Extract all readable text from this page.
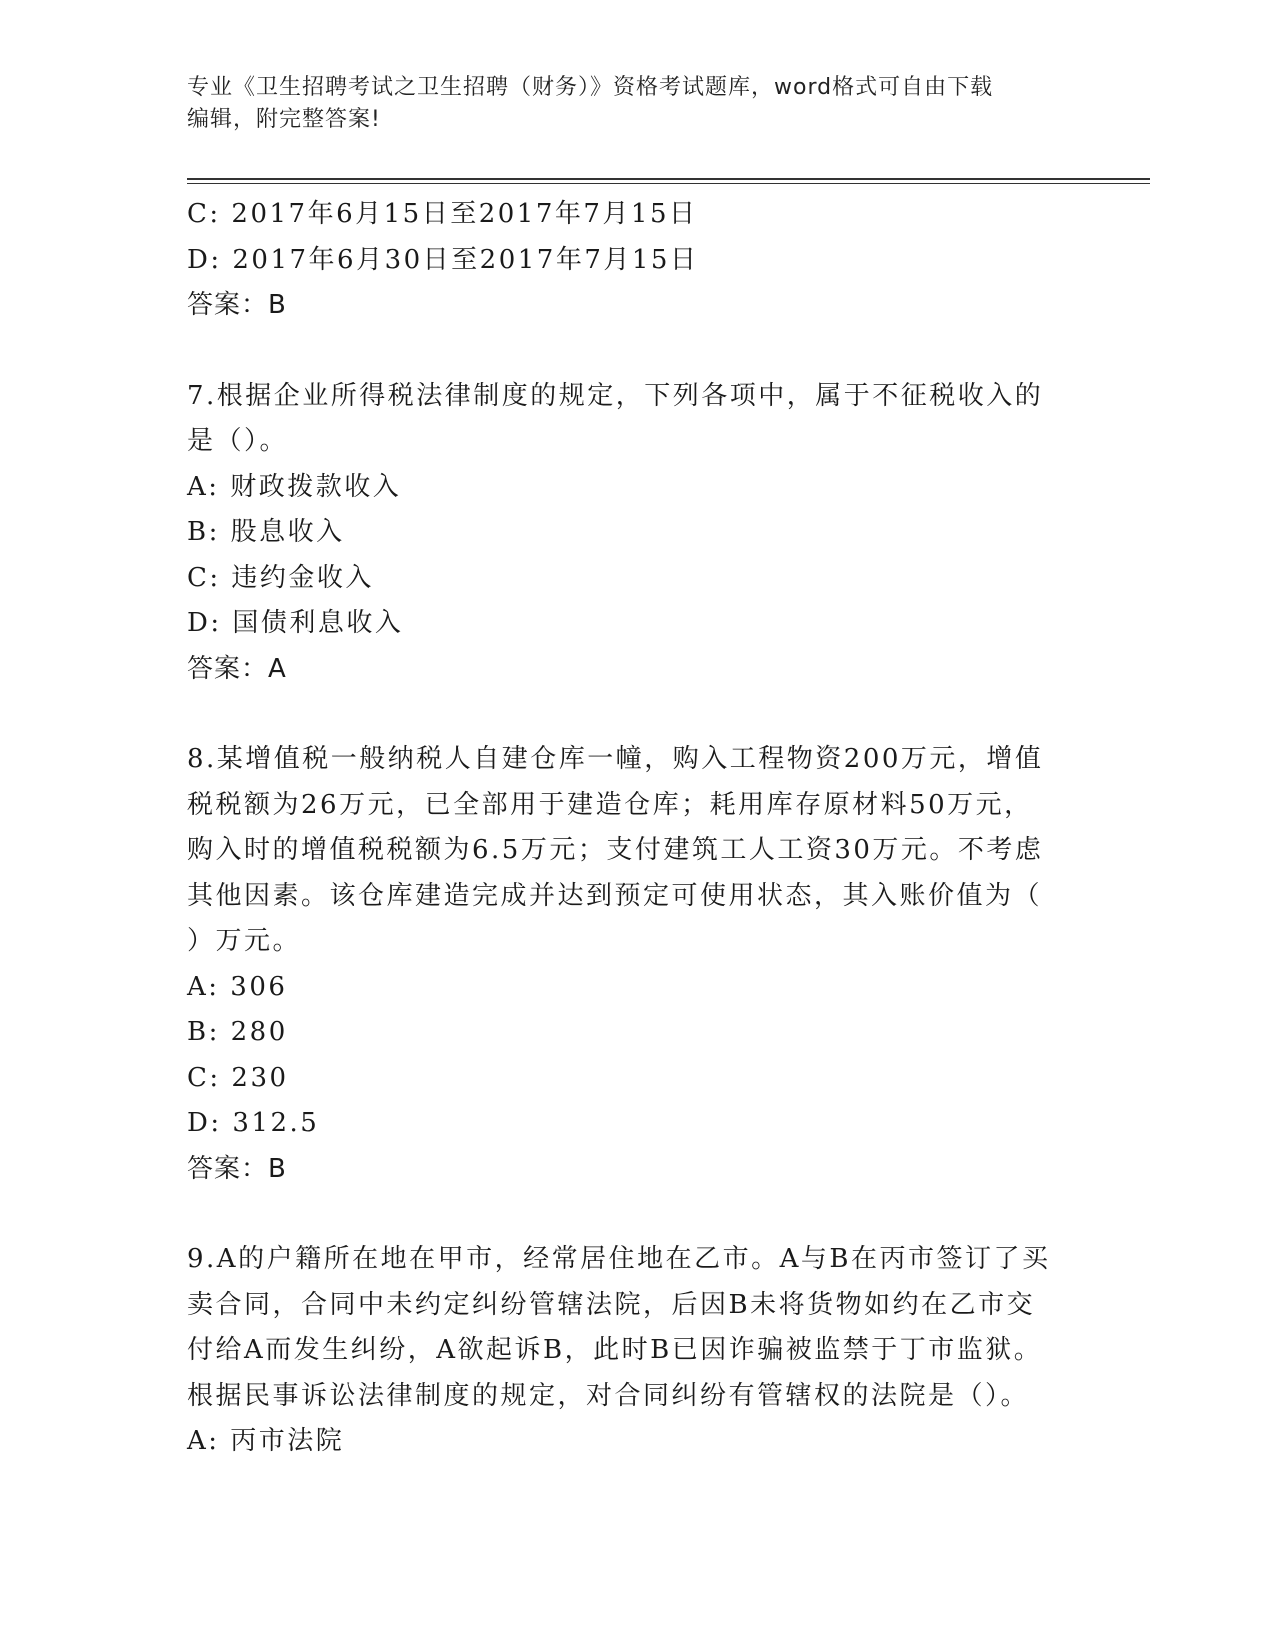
专业《卫生招聘考试之卫生招聘（财务）》资格考试题库，word格式可自由下载
编辑，附完整答案!
C: 2017年6月15日至2017年7月15日
D: 2017年6月30日至2017年7月15日
答案：B
7.根据企业所得税法律制度的规定，下列各项中，属于不征税收入的
是（）。
A: 财政拨款收入
B: 股息收入
C: 违约金收入
D: 国债利息收入
答案：A
8.某增值税一般纳税人自建仓库一幢，购入工程物资200万元，增值
税税额为26万元，已全部用于建造仓库；耗用库存原材料50万元，
购入时的增值税税额为6.5万元；支付建筑工人工资30万元。不考虑
其他因素。该仓库建造完成并达到预定可使用状态，其入账价值为（
）万元。
A: 306
B: 280
C: 230
D: 312.5
答案：B
9.A的户籍所在地在甲市，经常居住地在乙市。A与B在丙市签订了买
卖合同，合同中未约定纠纷管辖法院，后因B未将货物如约在乙市交
付给A而发生纠纷，A欲起诉B，此时B已因诈骗被监禁于丁市监狱。
根据民事诉讼法律制度的规定，对合同纠纷有管辖权的法院是（）。
A: 丙市法院
